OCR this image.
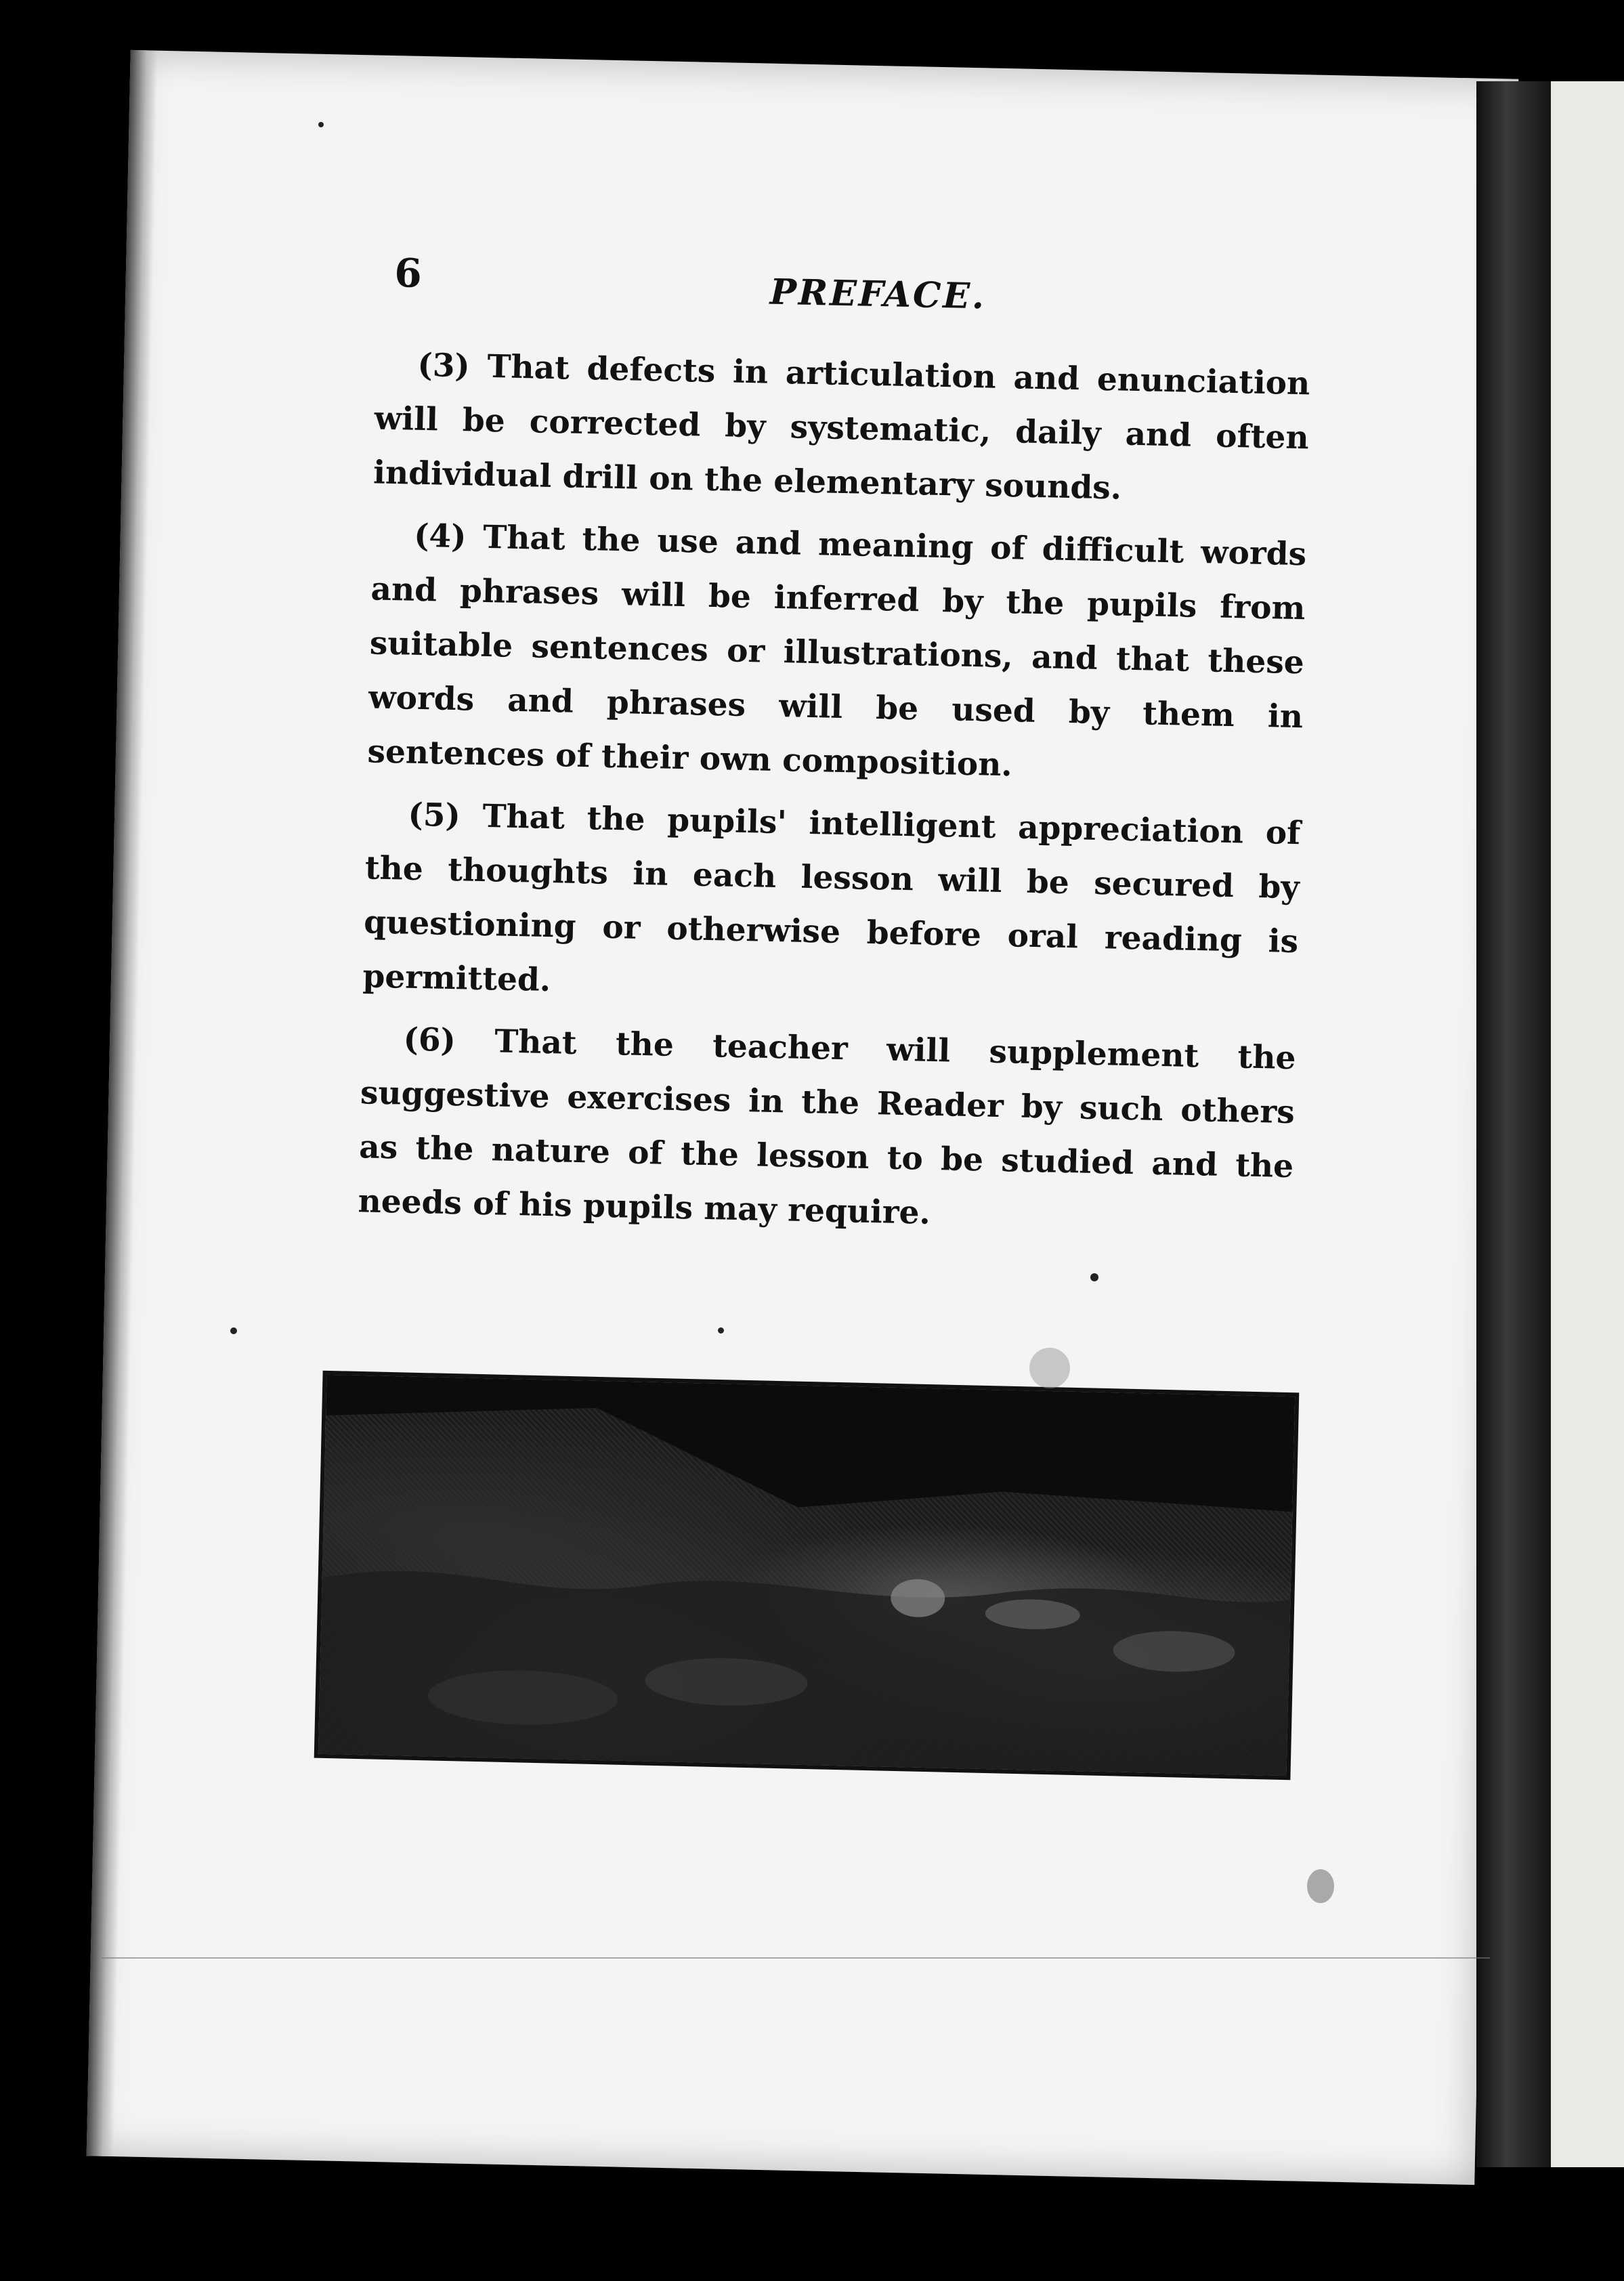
6	PREFACE.

(3) That defects in articulation and enunciation will be corrected by systematic, daily and often individual drill on the elementary sounds.

(4) That the use and meaning of difficult words and phrases will be inferred by the pupils from suitable sentences or illustrations, and that these words and phrases will be used by them in sentences of their own composition.

(5) That the pupils' intelligent appreciation of the thoughts in each lesson will be secured by questioning or otherwise before oral reading is permitted.

(6) That the teacher will supplement the suggestive exercises in the Reader by such others as the nature of the lesson to be studied and the needs of his pupils may require.
